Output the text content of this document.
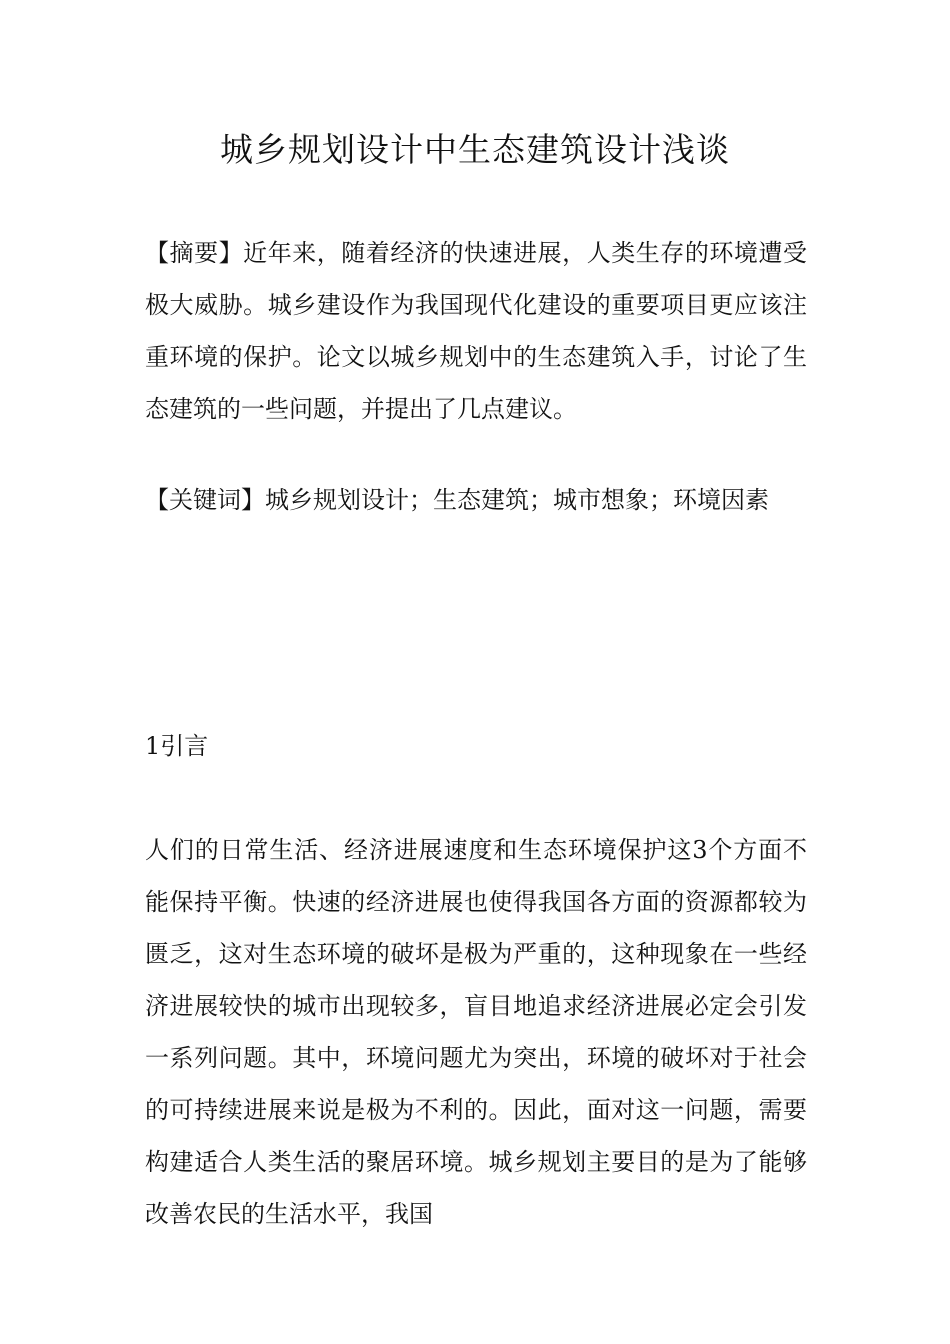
城乡规划设计中生态建筑设计浅谈

【摘要】近年来，随着经济的快速进展，人类生存的环境遭受极大威胁。城乡建设作为我国现代化建设的重要项目更应该注重环境的保护。论文以城乡规划中的生态建筑入手，讨论了生态建筑的一些问题，并提出了几点建议。

【关键词】城乡规划设计；生态建筑；城市想象；环境因素

1引言

人们的日常生活、经济进展速度和生态环境保护这3个方面不能保持平衡。快速的经济进展也使得我国各方面的资源都较为匮乏，这对生态环境的破坏是极为严重的，这种现象在一些经济进展较快的城市出现较多，盲目地追求经济进展必定会引发一系列问题。其中，环境问题尤为突出，环境的破坏对于社会的可持续进展来说是极为不利的。因此，面对这一问题，需要构建适合人类生活的聚居环境。城乡规划主要目的是为了能够改善农民的生活水平，我国
